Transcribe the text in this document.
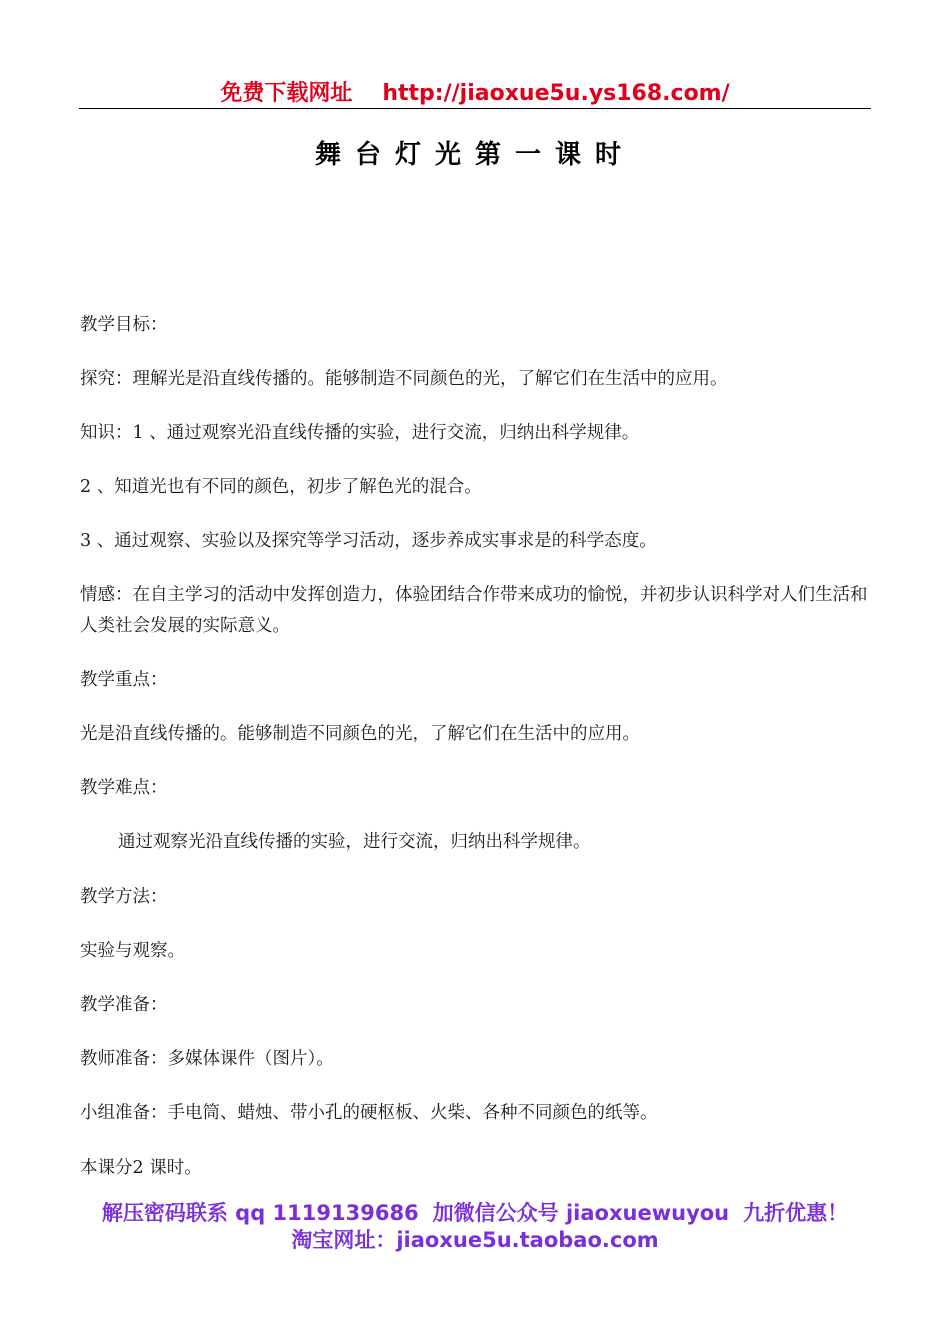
免费下载网址 http://jiaoxue5u.ys168.com/
舞台灯光第一课时
教学目标：
探究：理解光是沿直线传播的。能够制造不同颜色的光，了解它们在生活中的应用。
知识：1 、通过观察光沿直线传播的实验，进行交流，归纳出科学规律。
2 、知道光也有不同的颜色，初步了解色光的混合。
3 、通过观察、实验以及探究等学习活动，逐步养成实事求是的科学态度。
情感：在自主学习的活动中发挥创造力，体验团结合作带来成功的愉悦，并初步认识科学对人们生活和人类社会发展的实际意义。
教学重点：
光是沿直线传播的。能够制造不同颜色的光，了解它们在生活中的应用。
教学难点：
通过观察光沿直线传播的实验，进行交流，归纳出科学规律。
教学方法：
实验与观察。
教学准备：
教师准备：多媒体课件（图片）。
小组准备：手电筒、蜡烛、带小孔的硬枢板、火柴、各种不同颜色的纸等。
本课分2 课时。
解压密码联系 qq 1119139686 加微信公众号 jiaoxuewuyou 九折优惠！
淘宝网址：jiaoxue5u.taobao.com
